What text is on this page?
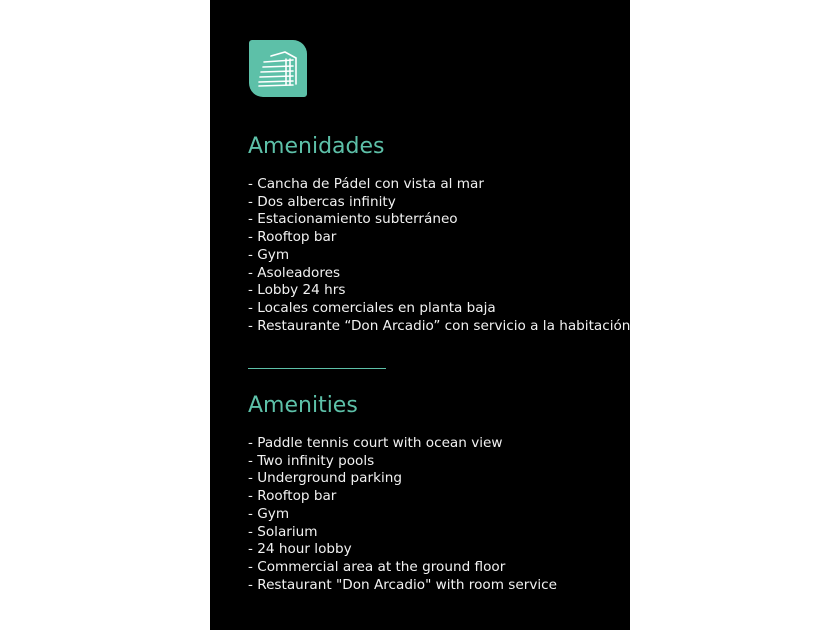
Amenidades
- Cancha de Pádel con vista al mar
- Dos albercas infinity
- Estacionamiento subterráneo
- Rooftop bar
- Gym
- Asoleadores
- Lobby 24 hrs
- Locales comerciales en planta baja
- Restaurante “Don Arcadio” con servicio a la habitación
Amenities
- Paddle tennis court with ocean view
- Two infinity pools
- Underground parking
- Rooftop bar
- Gym
- Solarium
- 24 hour lobby
- Commercial area at the ground floor
- Restaurant "Don Arcadio" with room service
